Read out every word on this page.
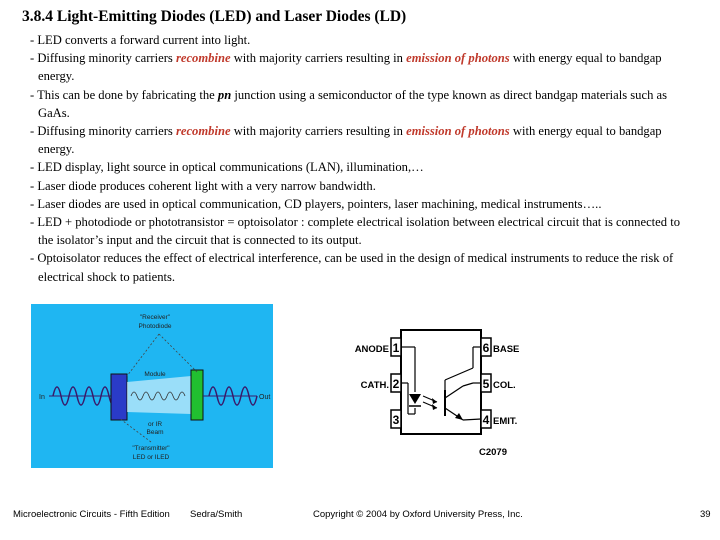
3.8.4 Light-Emitting Diodes (LED) and Laser Diodes (LD)

- LED converts a forward current into light.

- Diffusing minority carriers recombine with majority carriers resulting in emission of photons with energy equal to bandgap energy.

- This can be done by fabricating the pn junction using a semiconductor of the type known as direct bandgap materials such as GaAs.

- Diffusing minority carriers recombine with majority carriers resulting in emission of photons with energy equal to bandgap energy.

- LED display, light source in optical communications (LAN), illumination,…

- Laser diode produces coherent light with a very narrow bandwidth.

- Laser diodes are used in optical communication, CD players, pointers, laser machining, medical instruments…..

- LED + photodiode or phototransistor = optoisolator : complete electrical isolation between electrical circuit that is connected to the isolator’s input and the circuit that is connected to its output.

- Optoisolator reduces the effect of electrical interference, can be used in the design of medical instruments to reduce the risk of electrical shock to patients.

"Receiver"
Photodiode
Module
or IR
Beam
"Transmitter"
LED or ILED
In	Out
1
2
3
6
5
4
ANODE
CATH.
BASE
COL.
EMIT.
C2079
Microelectronic Circuits - Fifth Edition Sedra/Smith	Copyright © 2004 by Oxford University Press, Inc.	39
